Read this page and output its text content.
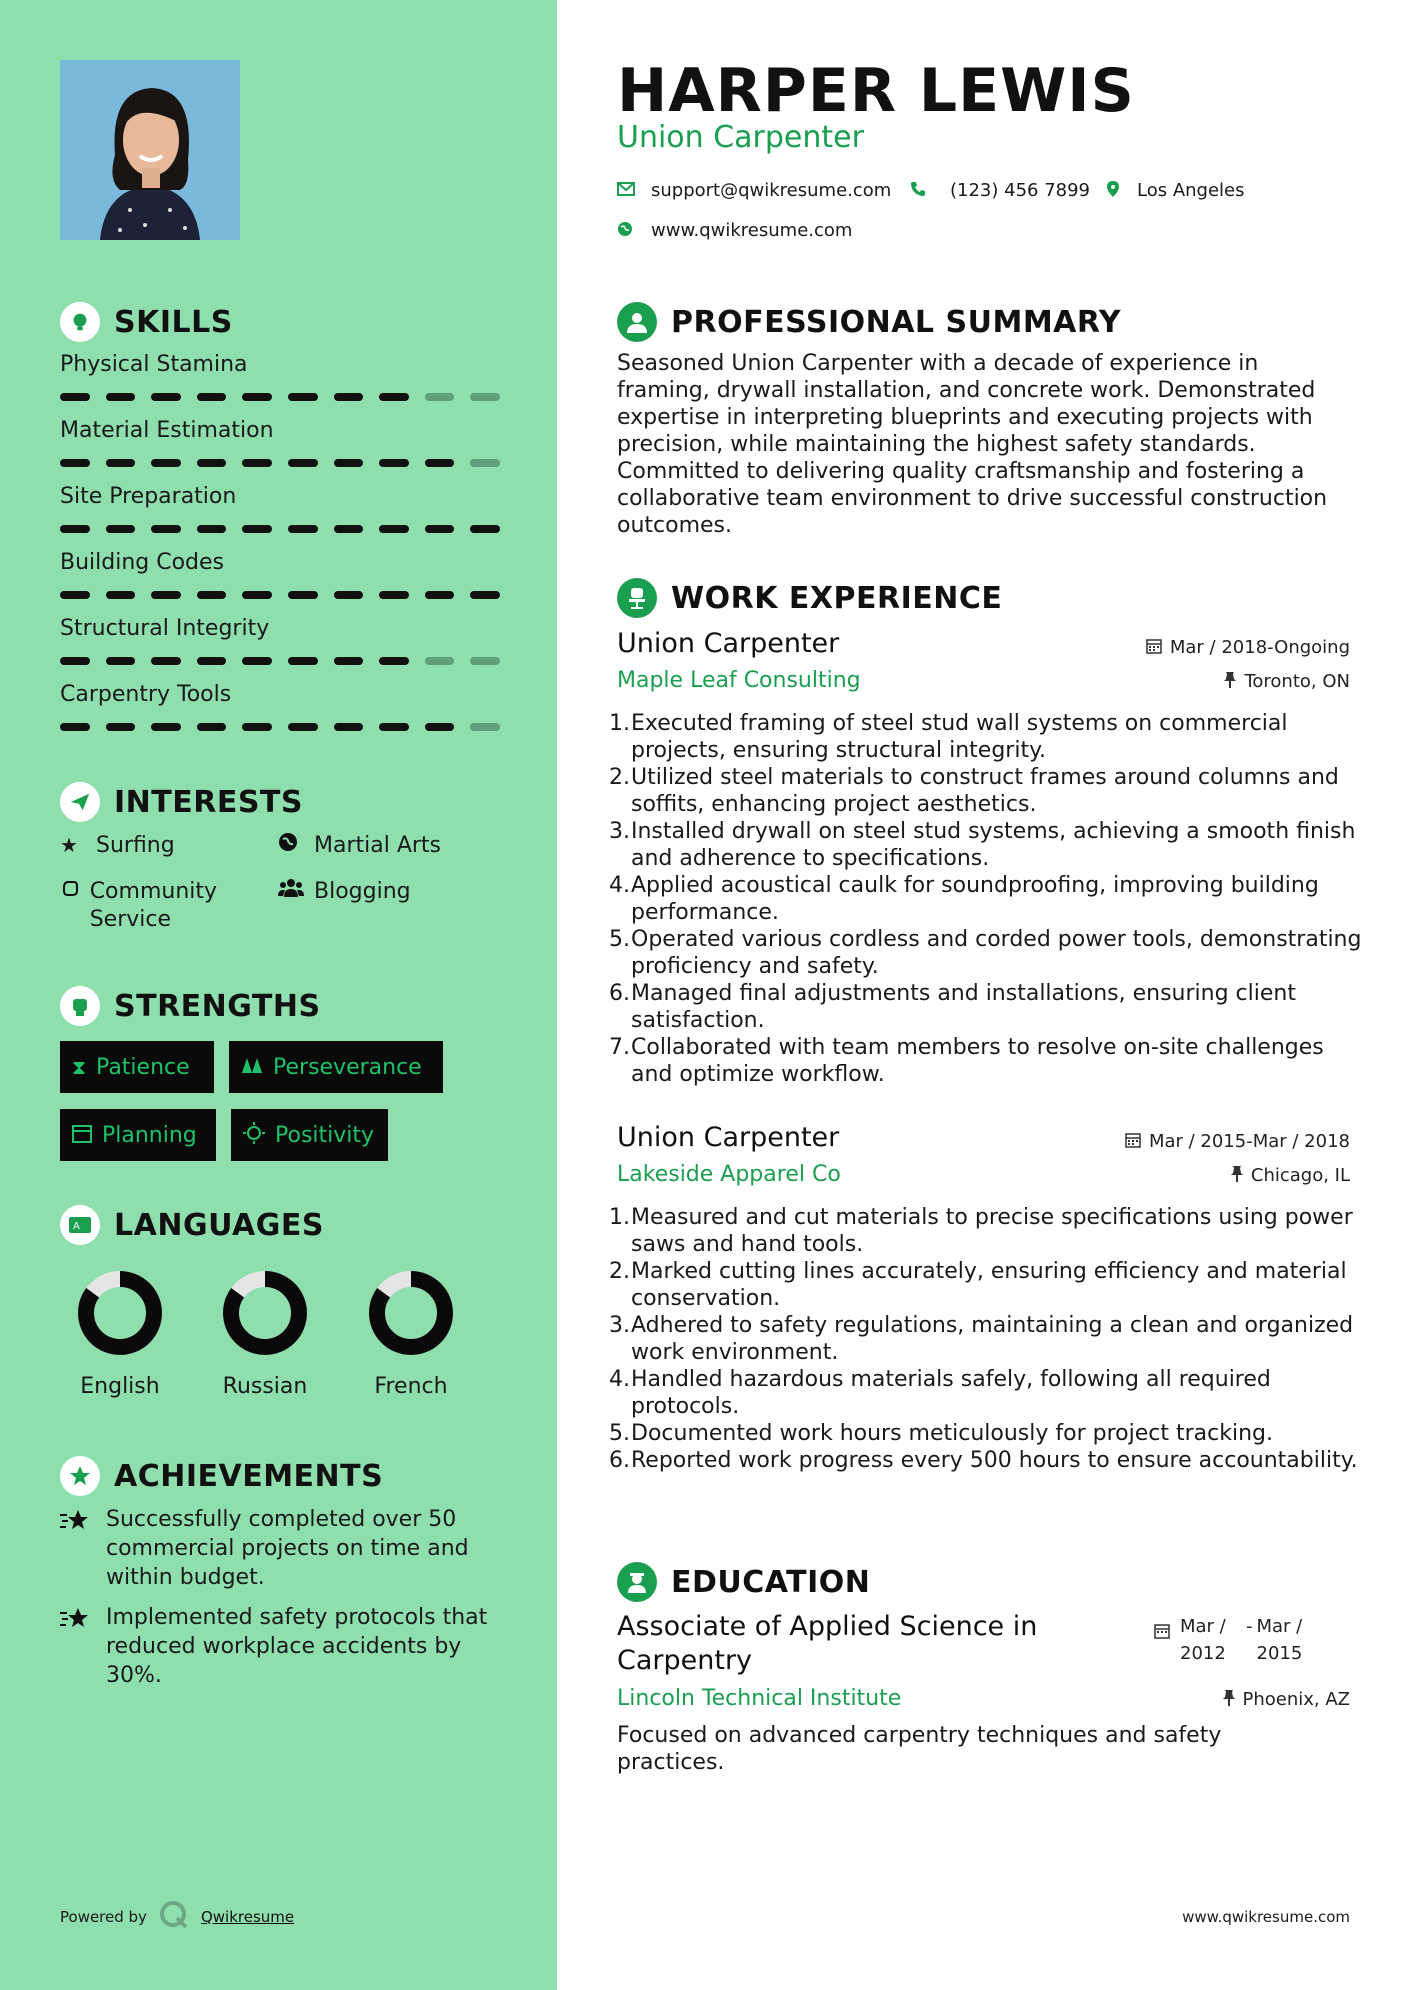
SKILLS
Physical Stamina
Material Estimation
Site Preparation
Building Codes
Structural Integrity
Carpentry Tools
INTERESTS
★ Surfing	Martial Arts
Community Service
Blogging
STRENGTHS
⧗ Patience	Perseverance
Planning	Positivity
A LANGUAGES
English	Russian	French
ACHIEVEMENTS
Successfully completed over 50 commercial projects on time and within budget.
Implemented safety protocols that reduced workplace accidents by 30%.
Powered by	Qwikresume
HARPER LEWIS
Union Carpenter
support@qwikresume.com	(123) 456 7899	Los Angeles
www.qwikresume.com
PROFESSIONAL SUMMARY
Seasoned Union Carpenter with a decade of experience in framing, drywall installation, and concrete work. Demonstrated expertise in interpreting blueprints and executing projects with precision, while maintaining the highest safety standards. Committed to delivering quality craftsmanship and fostering a collaborative team environment to drive successful construction outcomes.
WORK EXPERIENCE
Union Carpenter	Mar / 2018-Ongoing
Maple Leaf Consulting	Toronto, ON
1. Executed framing of steel stud wall systems on commercial projects, ensuring structural integrity.
2. Utilized steel materials to construct frames around columns and soffits, enhancing project aesthetics.
3. Installed drywall on steel stud systems, achieving a smooth finish and adherence to specifications.
4. Applied acoustical caulk for soundproofing, improving building performance.
5. Operated various cordless and corded power tools, demonstrating proficiency and safety.
6. Managed final adjustments and installations, ensuring client satisfaction.
7. Collaborated with team members to resolve on-site challenges and optimize workflow.
Union Carpenter	Mar / 2015-Mar / 2018
Lakeside Apparel Co	Chicago, IL
1. Measured and cut materials to precise specifications using power saws and hand tools.
2. Marked cutting lines accurately, ensuring efficiency and material conservation.
3. Adhered to safety regulations, maintaining a clean and organized work environment.
4. Handled hazardous materials safely, following all required protocols.
5. Documented work hours meticulously for project tracking.
6. Reported work progress every 500 hours to ensure accountability.
EDUCATION
Associate of Applied Science in Carpentry
Mar / 2012
- Mar / 2015
Lincoln Technical Institute	Phoenix, AZ
Focused on advanced carpentry techniques and safety practices.
www.qwikresume.com
